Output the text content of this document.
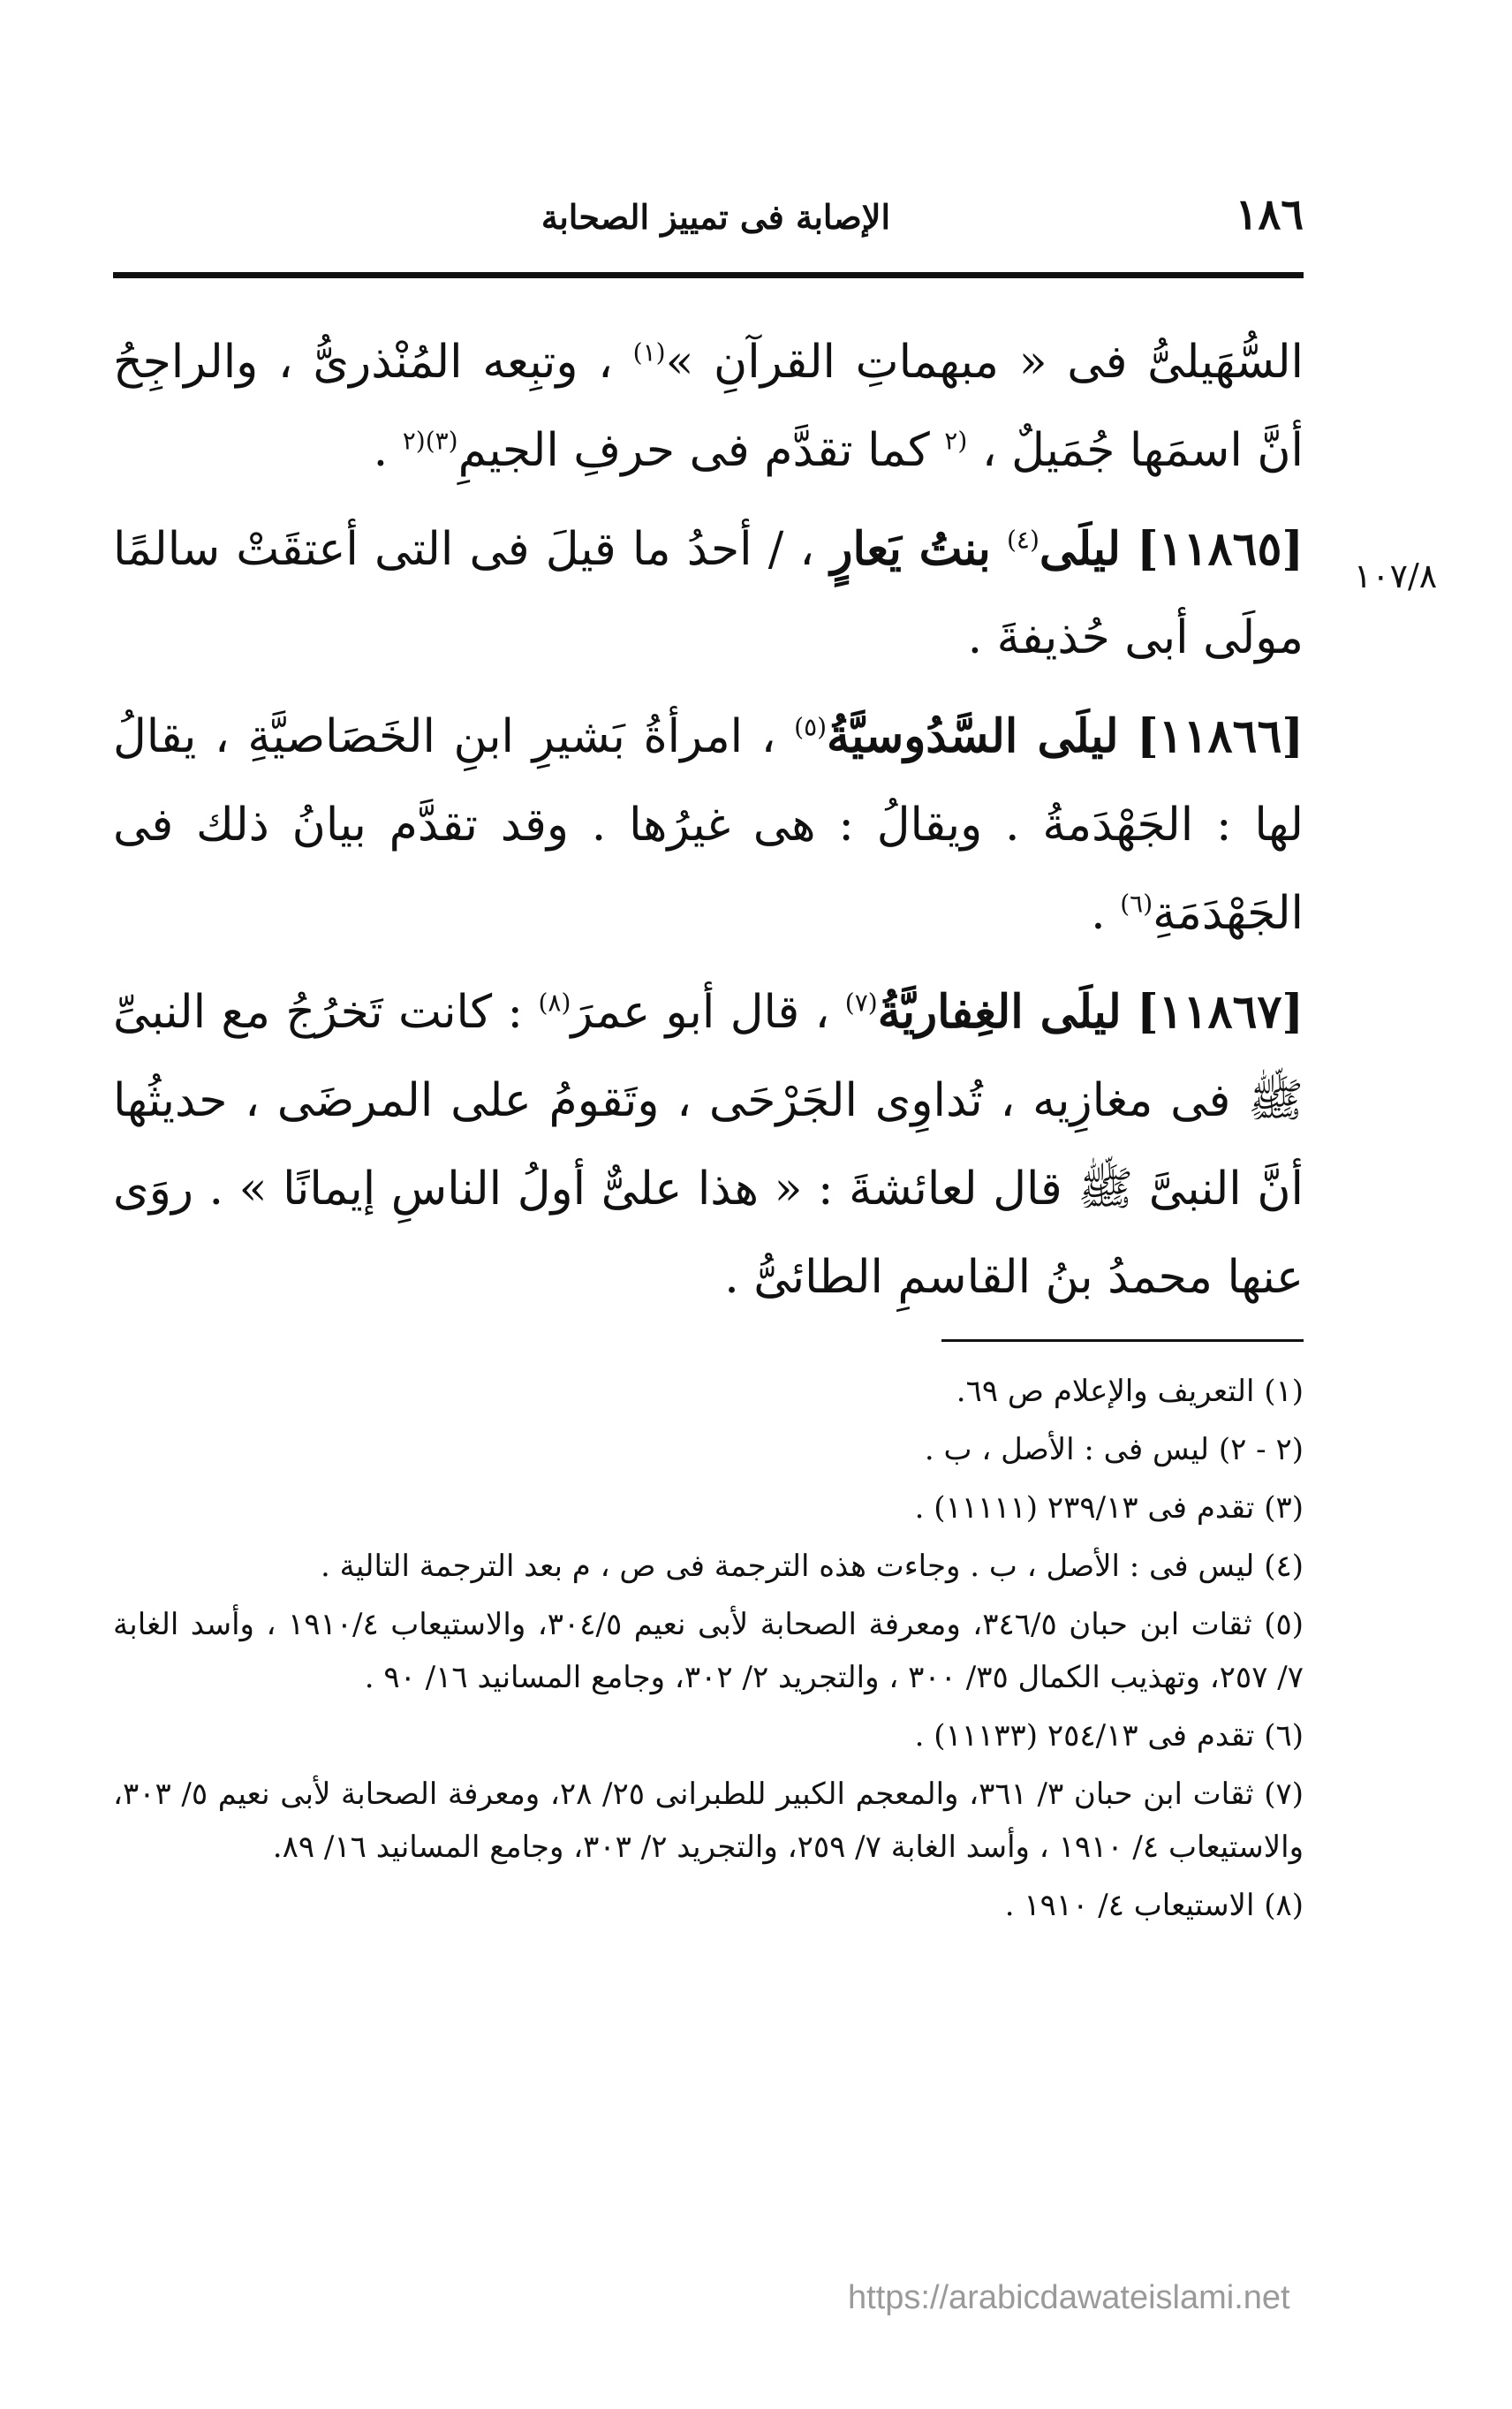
١٨٦
الإصابة فى تمييز الصحابة
١٠٧/٨

السُّهَيلىُّ فى « مبهماتِ القرآنِ »$^{(١)}$ ، وتبِعه المُنْذرىُّ ، والراجِحُ أنَّ اسمَها جُمَيلٌ ، $^{(٢}$ كما تقدَّم فى حرفِ الجيمِ$^{(٣)(٢}$ .

[١١٨٦٥] ليلَى$^{(٤)}$ بنتُ يَعارٍ ، / أحدُ ما قيلَ فى التى أعتقَتْ سالمًا مولَى أبى حُذيفةَ .

[١١٨٦٦] ليلَى السَّدُوسيَّةُ$^{(٥)}$ ، امرأةُ بَشيرِ ابنِ الخَصَاصيَّةِ ، يقالُ لها : الجَهْدَمةُ . ويقالُ : هى غيرُها . وقد تقدَّم بيانُ ذلك فى الجَهْدَمَةِ$^{(٦)}$ .

[١١٨٦٧] ليلَى الغِفاريَّةُ$^{(٧)}$ ، قال أبو عمرَ$^{(٨)}$ : كانت تَخرُجُ مع النبىِّ ﷺ فى مغازِيه ، تُداوِى الجَرْحَى ، وتَقومُ على المرضَى ، حديثُها أنَّ النبىَّ ﷺ قال لعائشةَ : « هذا علىٌّ أولُ الناسِ إيمانًا » . روَى عنها محمدُ بنُ القاسمِ الطائىُّ .

(١) التعريف والإعلام ص ٦٩.

(٢ - ٢) ليس فى : الأصل ، ب .

(٣) تقدم فى ٢٣٩/١٣ (١١١١١) .

(٤) ليس فى : الأصل ، ب . وجاءت هذه الترجمة فى ص ، م بعد الترجمة التالية .

(٥) ثقات ابن حبان ٣٤٦/٥، ومعرفة الصحابة لأبى نعيم ٣٠٤/٥، والاستيعاب ١٩١٠/٤ ، وأسد الغابة ٧/ ٢٥٧، وتهذيب الكمال ٣٥/ ٣٠٠ ، والتجريد ٢/ ٣٠٢، وجامع المسانيد ١٦/ ٩٠ .

(٦) تقدم فى ٢٥٤/١٣ (١١١٣٣) .

(٧) ثقات ابن حبان ٣/ ٣٦١، والمعجم الكبير للطبرانى ٢٥/ ٢٨، ومعرفة الصحابة لأبى نعيم ٥/ ٣٠٣، والاستيعاب ٤/ ١٩١٠ ، وأسد الغابة ٧/ ٢٥٩، والتجريد ٢/ ٣٠٣، وجامع المسانيد ١٦/ ٨٩.

(٨) الاستيعاب ٤/ ١٩١٠ .

https://arabicdawateislami.net
